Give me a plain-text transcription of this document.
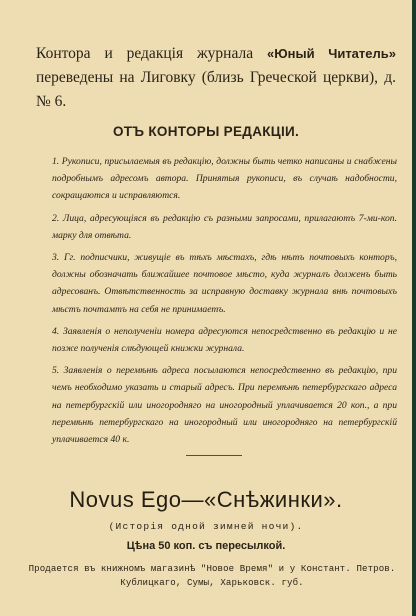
Контора и редакція журнала «Юный Читатель» переведены на Лиговку (близь Греческой церкви), д. № 6.
ОТЪ КОНТОРЫ РЕДАКЦІИ.

1. Рукописи, присылаемыя въ редакцію, должны быть четко написаны и снабжены подробнымъ адресомъ автора. Принятыя рукописи, въ случаѣ надобности, сокращаются и исправляются.

2. Лица, адресующіяся въ редакцію съ разными запросами, прилагаютъ 7-ми-коп. марку для отвѣта.

3. Гг. подписчики, живущіе въ тѣхъ мѣстахъ, гдѣ нѣтъ почтовыхъ конторъ, должны обозначать ближайшее почтовое мѣсто, куда журналъ долженъ быть адресованъ. Отвѣтственность за исправную доставку журнала внѣ почтовыхъ мѣстъ почтамтъ на себя не принимаетъ.

4. Заявленія о неполученіи номера адресуются непосредственно въ редакцію и не позже полученія слѣдующей книжки журнала.

5. Заявленія о перемѣнѣ адреса посылаются непосредственно въ редакцію, при чемъ необходимо указать и старый адресъ. При перемѣнѣ петербургскаго адреса на петербургскій или иногородняго на иногородный уплачивается 20 коп., а при перемѣнѣ петербургскаго на иногородный или иногородняго на петербургскій уплачивается 40 к.

Novus Ego—«Снѣжинки».
(Исторія одной зимней ночи).
Цѣна 50 коп. съ пересылкой.
Продается въ книжномъ магазинѣ "Новое Время" и у Констант. Петров. Кублицкаго, Сумы, Харьковск. губ.
